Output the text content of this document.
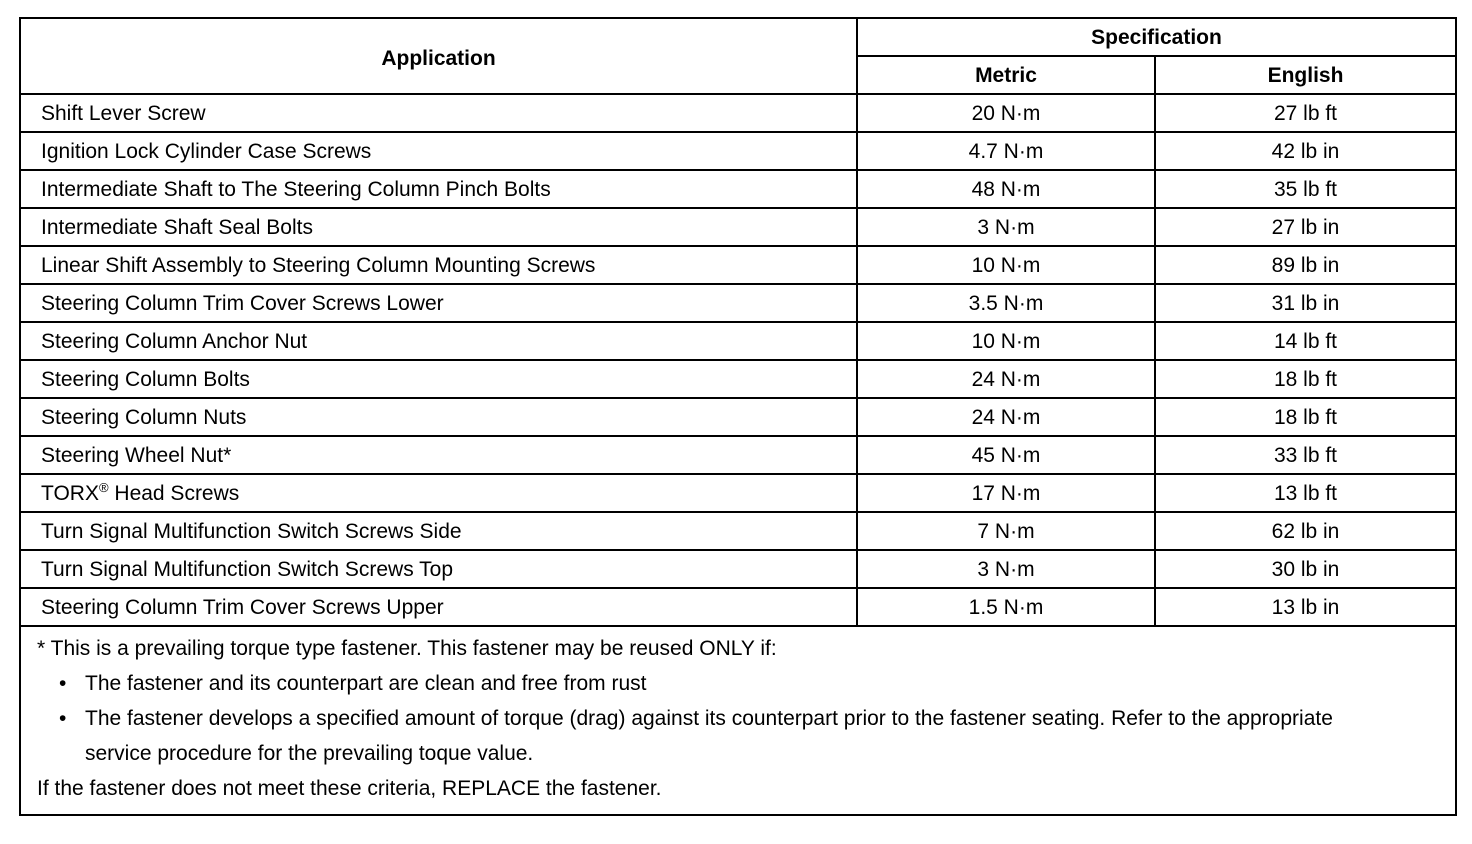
Application	Specification	
	Metric	English
Shift Lever Screw	20 N·m	27 lb ft
Ignition Lock Cylinder Case Screws	4.7 N·m	42 lb in
Intermediate Shaft to The Steering Column Pinch Bolts	48 N·m	35 lb ft
Intermediate Shaft Seal Bolts	3 N·m	27 lb in
Linear Shift Assembly to Steering Column Mounting Screws	10 N·m	89 lb in
Steering Column Trim Cover Screws Lower	3.5 N·m	31 lb in
Steering Column Anchor Nut	10 N·m	14 lb ft
Steering Column Bolts	24 N·m	18 lb ft
Steering Column Nuts	24 N·m	18 lb ft
Steering Wheel Nut*	45 N·m	33 lb ft
TORX® Head Screws	17 N·m	13 lb ft
Turn Signal Multifunction Switch Screws Side	7 N·m	62 lb in
Turn Signal Multifunction Switch Screws Top	3 N·m	30 lb in
Steering Column Trim Cover Screws Upper	1.5 N·m	13 lb in

* This is a prevailing torque type fastener. This fastener may be reused ONLY if:

• The fastener and its counterpart are clean and free from rust
• The fastener develops a specified amount of torque (drag) against its counterpart prior to the fastener seating. Refer to the appropriate service procedure for the prevailing toque value.

If the fastener does not meet these criteria, REPLACE the fastener.
